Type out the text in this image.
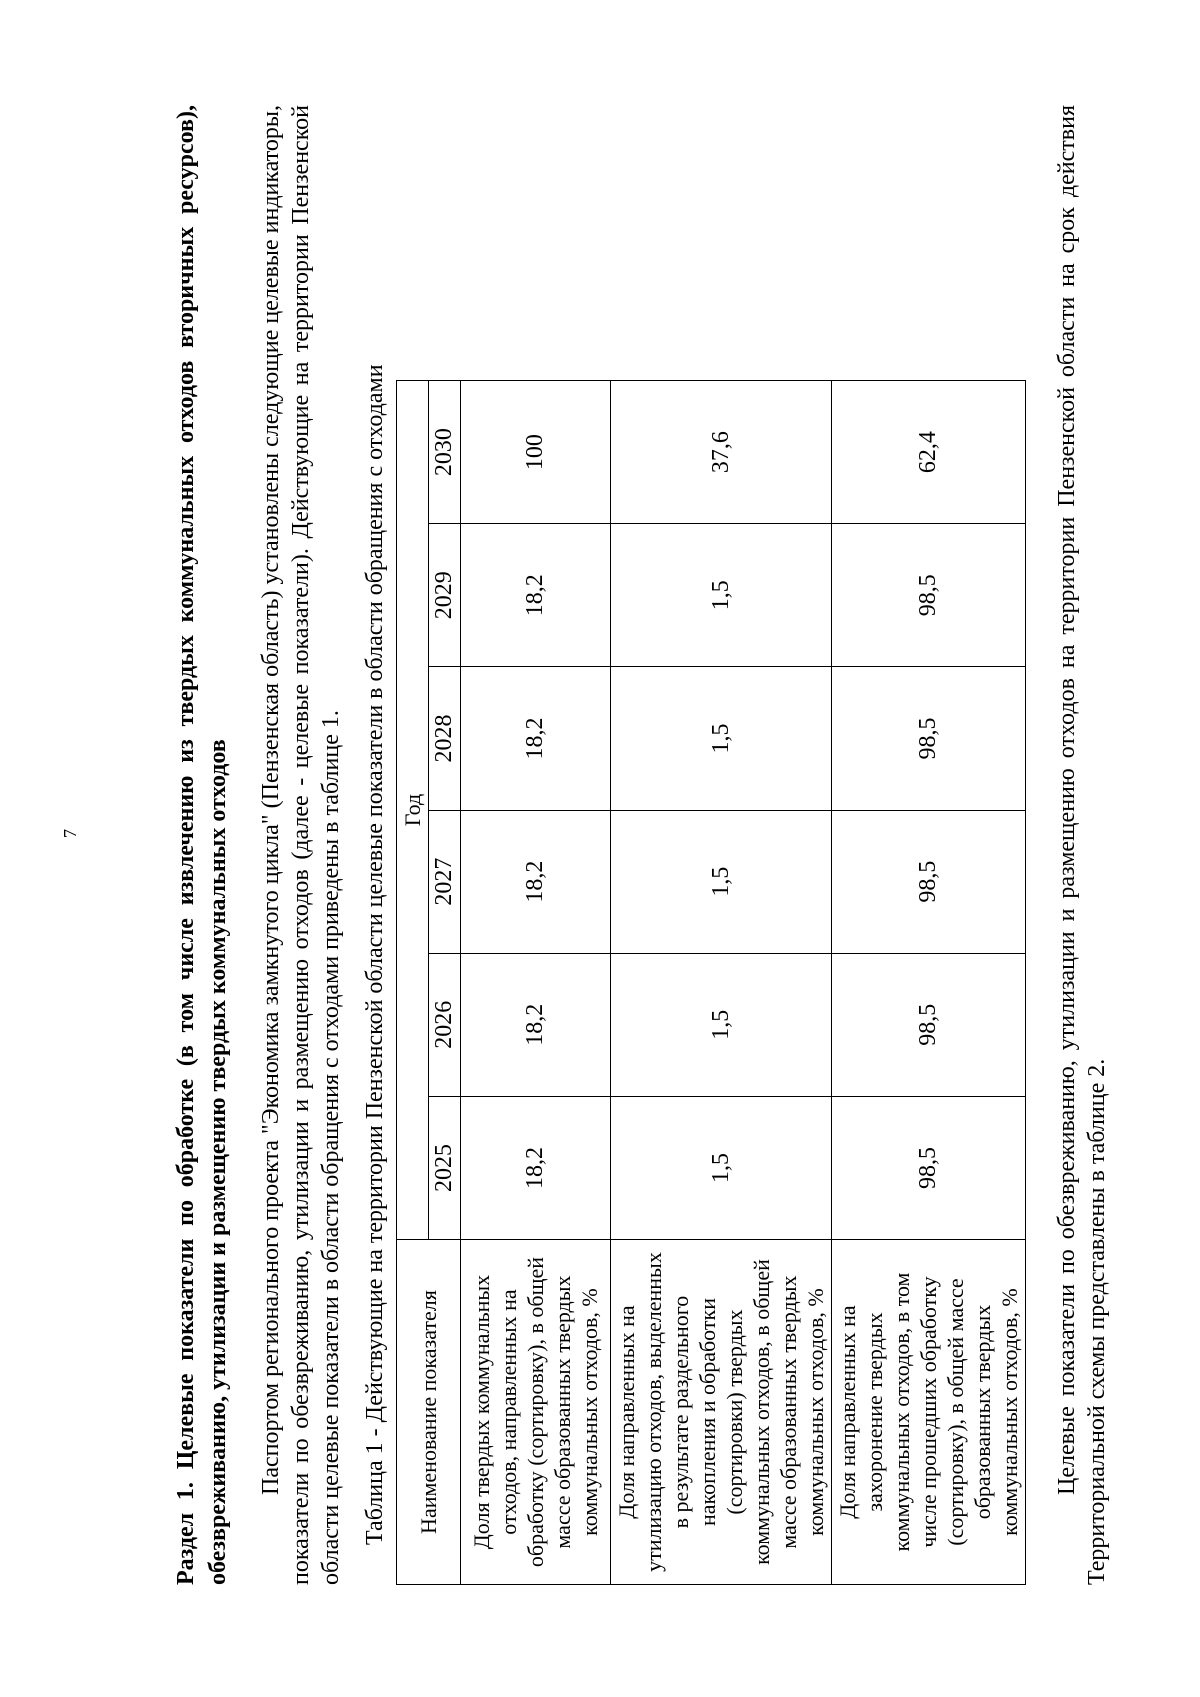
7	Раздел 1. Целевые показатели по обработке (в том числе извлечению из твердых коммунальных отходов вторичных ресурсов), обезвреживанию, утилизации и размещению твердых коммунальных отходов Паспортом регионального проекта "Экономика замкнутого цикла" (Пензенская область) установлены следующие целевые индикаторы, показатели по обезвреживанию, утилизации и размещению отходов (далее - целевые показатели). Действующие на территории Пензенской области целевые показатели в области обращения с отходами приведены в таблице 1. Таблица 1 - Действующие на территории Пензенской области целевые показатели в области обращения с отходами Наименование показателя	Год					
	2025	2026	2027	2028	2029	2030
Доля твердых коммунальных отходов, направленных на обработку (сортировку), в общей массе образованных твердых коммунальных отходов, %	18,2	18,2	18,2	18,2	18,2	100
Доля направленных на утилизацию отходов, выделенных в результате раздельного накопления и обработки (сортировки) твердых коммунальных отходов, в общей массе образованных твердых коммунальных отходов, %	1,5	1,5	1,5	1,5	1,5	37,6
Доля направленных на захоронение твердых коммунальных отходов, в том числе прошедших обработку (сортировку), в общей массе образованных твердых коммунальных отходов, %	98,5	98,5	98,5	98,5	98,5	62,4	Целевые показатели по обезвреживанию, утилизации и размещению отходов на территории Пензенской области на срок действия Территориальной схемы представлены в таблице 2.
